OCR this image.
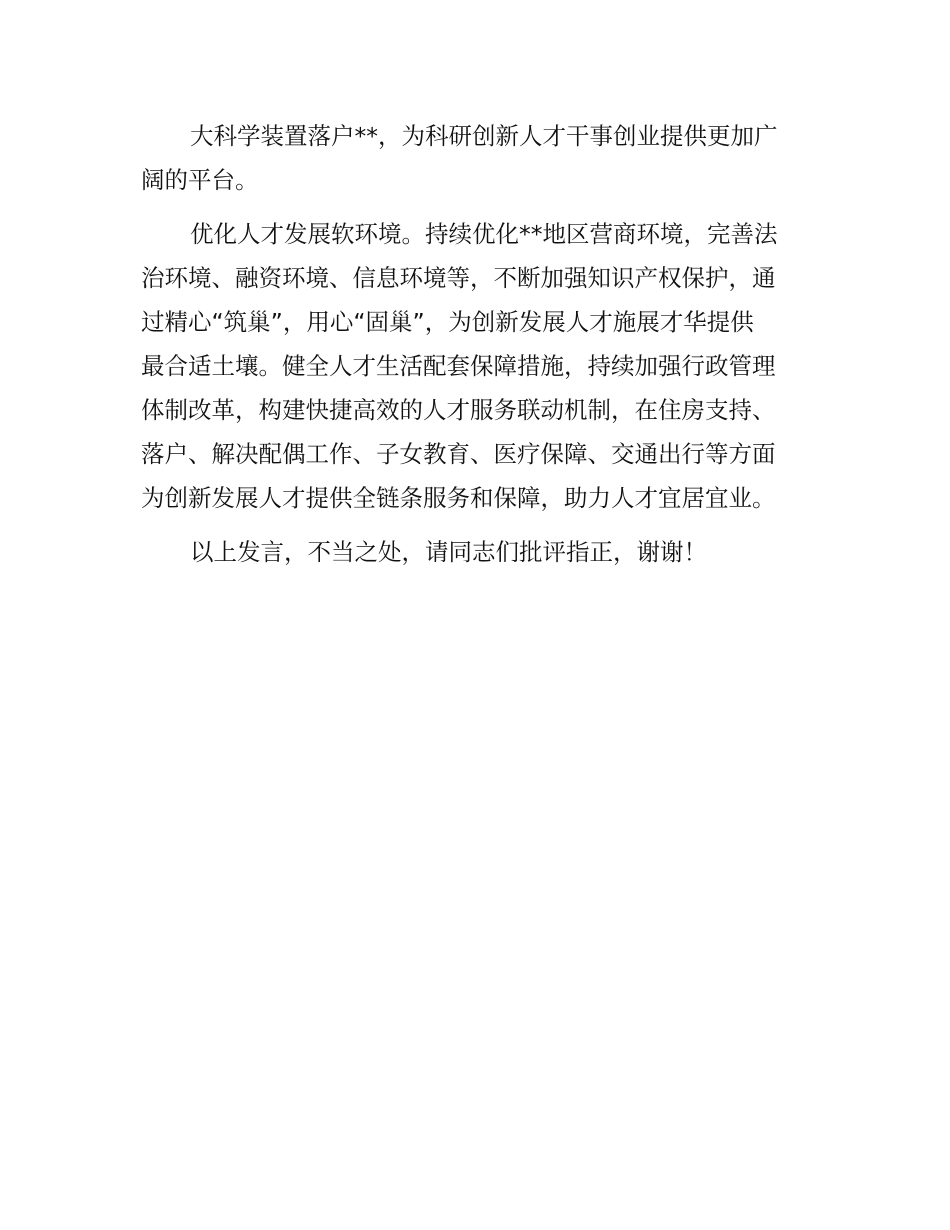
大科学装置落户**，为科研创新人才干事创业提供更加广
阔的平台。
优化人才发展软环境。持续优化**地区营商环境，完善法
治环境、融资环境、信息环境等，不断加强知识产权保护，通
过精心“筑巢”，用心“固巢”，为创新发展人才施展才华提供
最合适土壤。健全人才生活配套保障措施，持续加强行政管理
体制改革，构建快捷高效的人才服务联动机制，在住房支持、
落户、解决配偶工作、子女教育、医疗保障、交通出行等方面
为创新发展人才提供全链条服务和保障，助力人才宜居宜业。
以上发言，不当之处，请同志们批评指正，谢谢！
